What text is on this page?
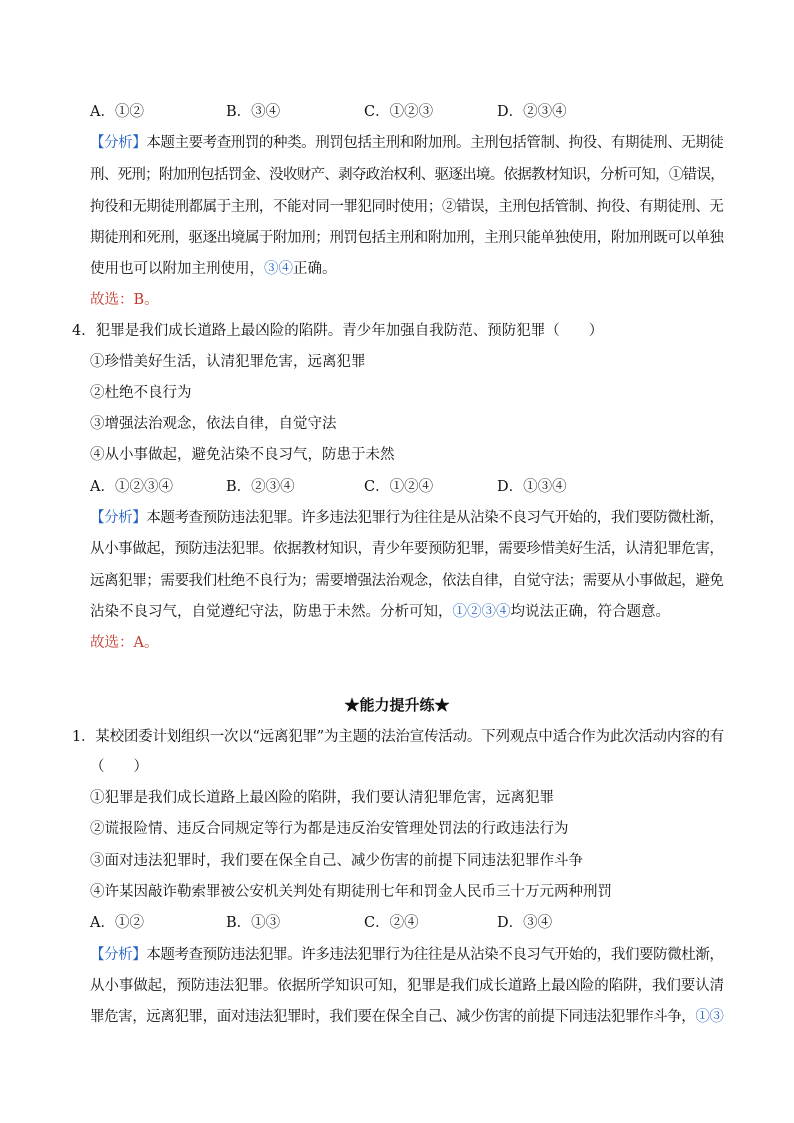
A．①②	B．③④	C．①②③	D．②③④
【分析】本题主要考查刑罚的种类。刑罚包括主刑和附加刑。主刑包括管制、拘役、有期徒刑、无期徒
刑、死刑；附加刑包括罚金、没收财产、剥夺政治权利、驱逐出境。依据教材知识，分析可知，①错误，
拘役和无期徒刑都属于主刑，不能对同一罪犯同时使用；②错误，主刑包括管制、拘役、有期徒刑、无
期徒刑和死刑，驱逐出境属于附加刑；刑罚包括主刑和附加刑，主刑只能单独使用，附加刑既可以单独
使用也可以附加主刑使用，③④正确。
故选：B。
4．犯罪是我们成长道路上最凶险的陷阱。青少年加强自我防范、预防犯罪（　　）
①珍惜美好生活，认清犯罪危害，远离犯罪
②杜绝不良行为
③增强法治观念，依法自律，自觉守法
④从小事做起，避免沾染不良习气，防患于未然
A．①②③④	B．②③④	C．①②④	D．①③④
【分析】本题考查预防违法犯罪。许多违法犯罪行为往往是从沾染不良习气开始的，我们要防微杜渐，
从小事做起，预防违法犯罪。依据教材知识，青少年要预防犯罪，需要珍惜美好生活，认清犯罪危害，
远离犯罪；需要我们杜绝不良行为；需要增强法治观念，依法自律，自觉守法；需要从小事做起，避免
沾染不良习气，自觉遵纪守法，防患于未然。分析可知，①②③④均说法正确，符合题意。
故选：A。
★能力提升练★
1．某校团委计划组织一次以“远离犯罪”为主题的法治宣传活动。下列观点中适合作为此次活动内容的有
（　　）
①犯罪是我们成长道路上最凶险的陷阱，我们要认清犯罪危害，远离犯罪
②谎报险情、违反合同规定等行为都是违反治安管理处罚法的行政违法行为
③面对违法犯罪时，我们要在保全自己、减少伤害的前提下同违法犯罪作斗争
④许某因敲诈勒索罪被公安机关判处有期徒刑七年和罚金人民币三十万元两种刑罚
A．①②	B．①③	C．②④	D．③④
【分析】本题考查预防违法犯罪。许多违法犯罪行为往往是从沾染不良习气开始的，我们要防微杜渐，
从小事做起，预防违法犯罪。依据所学知识可知，犯罪是我们成长道路上最凶险的陷阱，我们要认清
罪危害，远离犯罪，面对违法犯罪时，我们要在保全自己、减少伤害的前提下同违法犯罪作斗争，①③
